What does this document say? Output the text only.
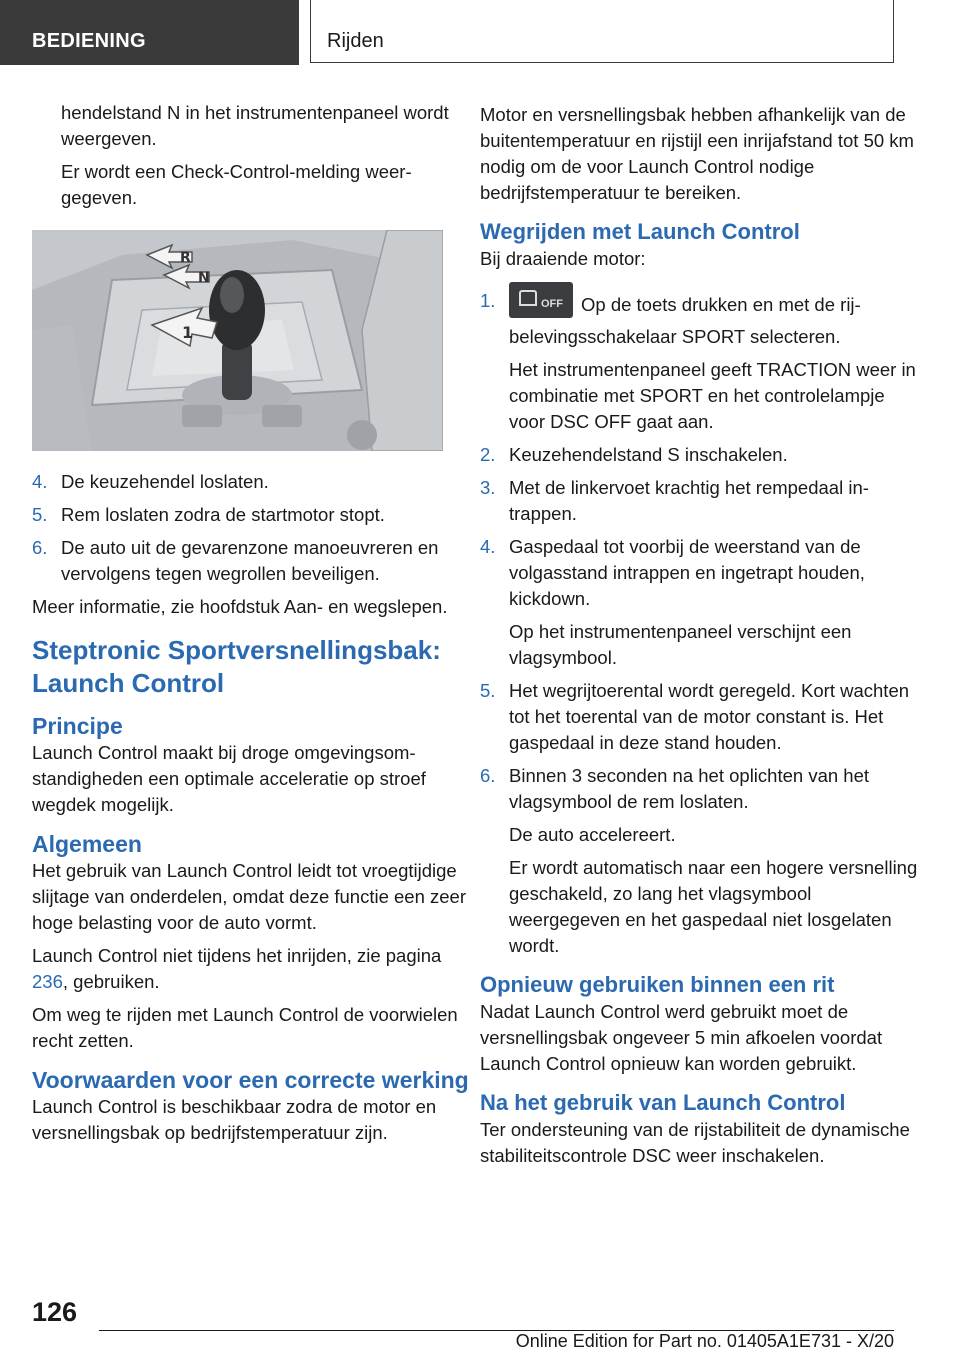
BEDIENING	Rijden

hendelstand N in het instrumentenpaneel wordt weergeven.

Er wordt een Check-Control-melding weergegeven.

R
N
1
4. De keuzehendel loslaten.
5. Rem loslaten zodra de startmotor stopt.
6. De auto uit de gevarenzone manoeuvreren en vervolgens tegen wegrollen beveiligen.

Meer informatie, zie hoofdstuk Aan- en wegslepen.

Steptronic Sportversnellingsbak: Launch Control
Principe

Launch Control maakt bij droge omgevingsomstandigheden een optimale acceleratie op stroef wegdek mogelijk.

Algemeen

Het gebruik van Launch Control leidt tot vroegtijdige slijtage van onderdelen, omdat deze functie een zeer hoge belasting voor de auto vormt.

Launch Control niet tijdens het inrijden, zie pagina 236, gebruiken.

Om weg te rijden met Launch Control de voorwielen recht zetten.

Voorwaarden voor een correcte werking

Launch Control is beschikbaar zodra de motor en versnellingsbak op bedrijfstemperatuur zijn.

Motor en versnellingsbak hebben afhankelijk van de buitentemperatuur en rijstijl een inrijafstand tot 50 km nodig om de voor Launch Control nodige bedrijfstemperatuur te bereiken.

Wegrijden met Launch Control

Bij draaiende motor:

1.	OFF Op de toets drukken en met de rijbelevingsschakelaar SPORT selecteren.

Het instrumentenpaneel geeft TRACTION weer in combinatie met SPORT en het controlelampje voor DSC OFF gaat aan.

2. Keuzehendelstand S inschakelen.
3. Met de linkervoet krachtig het rempedaal intrappen.
4. Gaspedaal tot voorbij de weerstand van de volgasstand intrappen en ingetrapt houden, kickdown.

Op het instrumentenpaneel verschijnt een vlagsymbool.

5. Het wegrijtoerental wordt geregeld. Kort wachten tot het toerental van de motor constant is. Het gaspedaal in deze stand houden.
6. Binnen 3 seconden na het oplichten van het vlagsymbool de rem loslaten.

De auto accelereert.

Er wordt automatisch naar een hogere versnelling geschakeld, zo lang het vlagsymbool weergegeven en het gaspedaal niet losgelaten wordt.

Opnieuw gebruiken binnen een rit

Nadat Launch Control werd gebruikt moet de versnellingsbak ongeveer 5 min afkoelen voordat Launch Control opnieuw kan worden gebruikt.

Na het gebruik van Launch Control

Ter ondersteuning van de rijstabiliteit de dynamische stabiliteitscontrole DSC weer inschakelen.

126
Online Edition for Part no. 01405A1E731 - X/20
